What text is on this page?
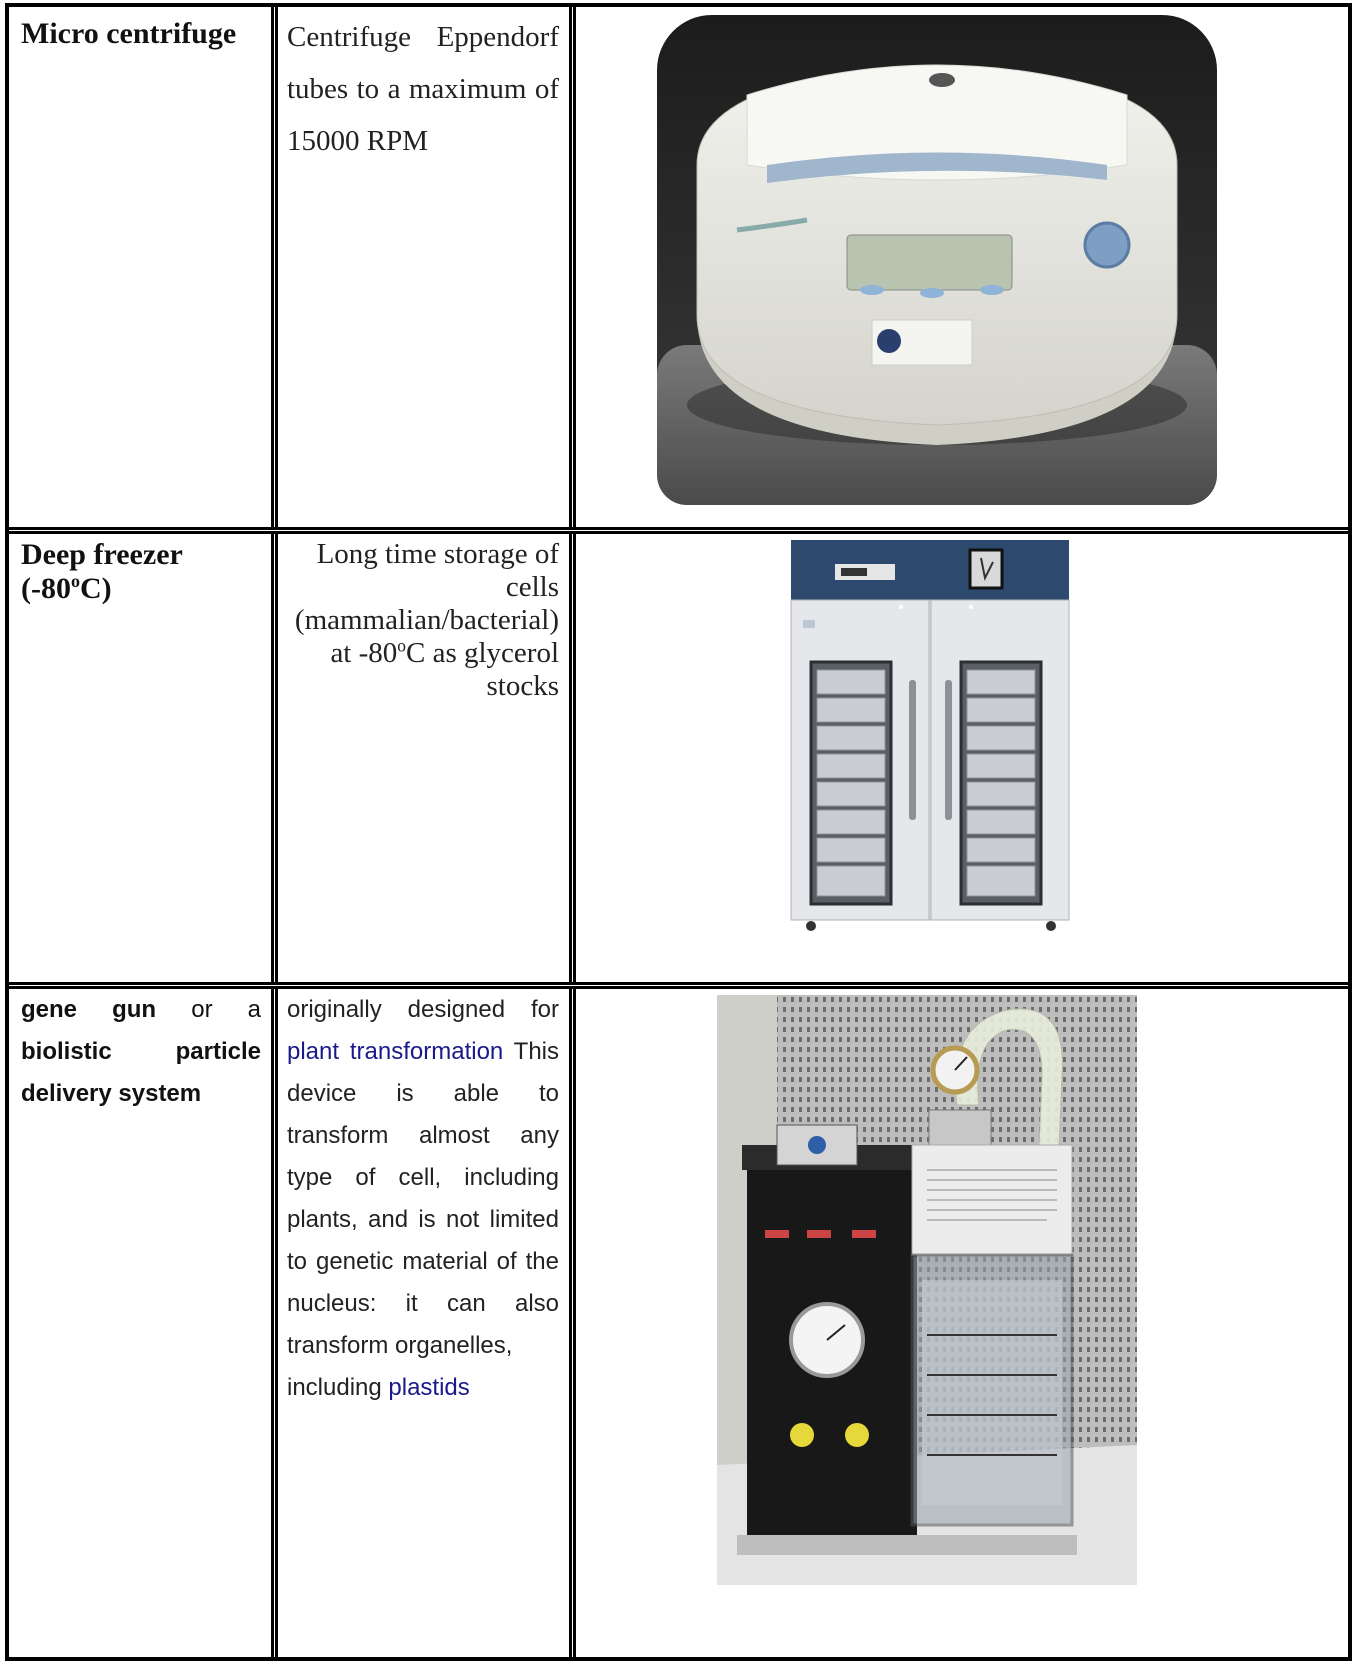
Micro centrifuge	Centrifuge Eppendorf tubes to a maximum of 15000 RPM
Deep freezer (-80$^o$C)
Long time storage of
cells
(mammalian/bacterial)
at -80$^o$C as glycerol
stocks
gene gun or a biolistic particle delivery system
originally designed for plant transformation This device is able to transform almost any type of cell, including plants, and is not limited to genetic material of the nucleus: it can also transform organelles,
including plastids
